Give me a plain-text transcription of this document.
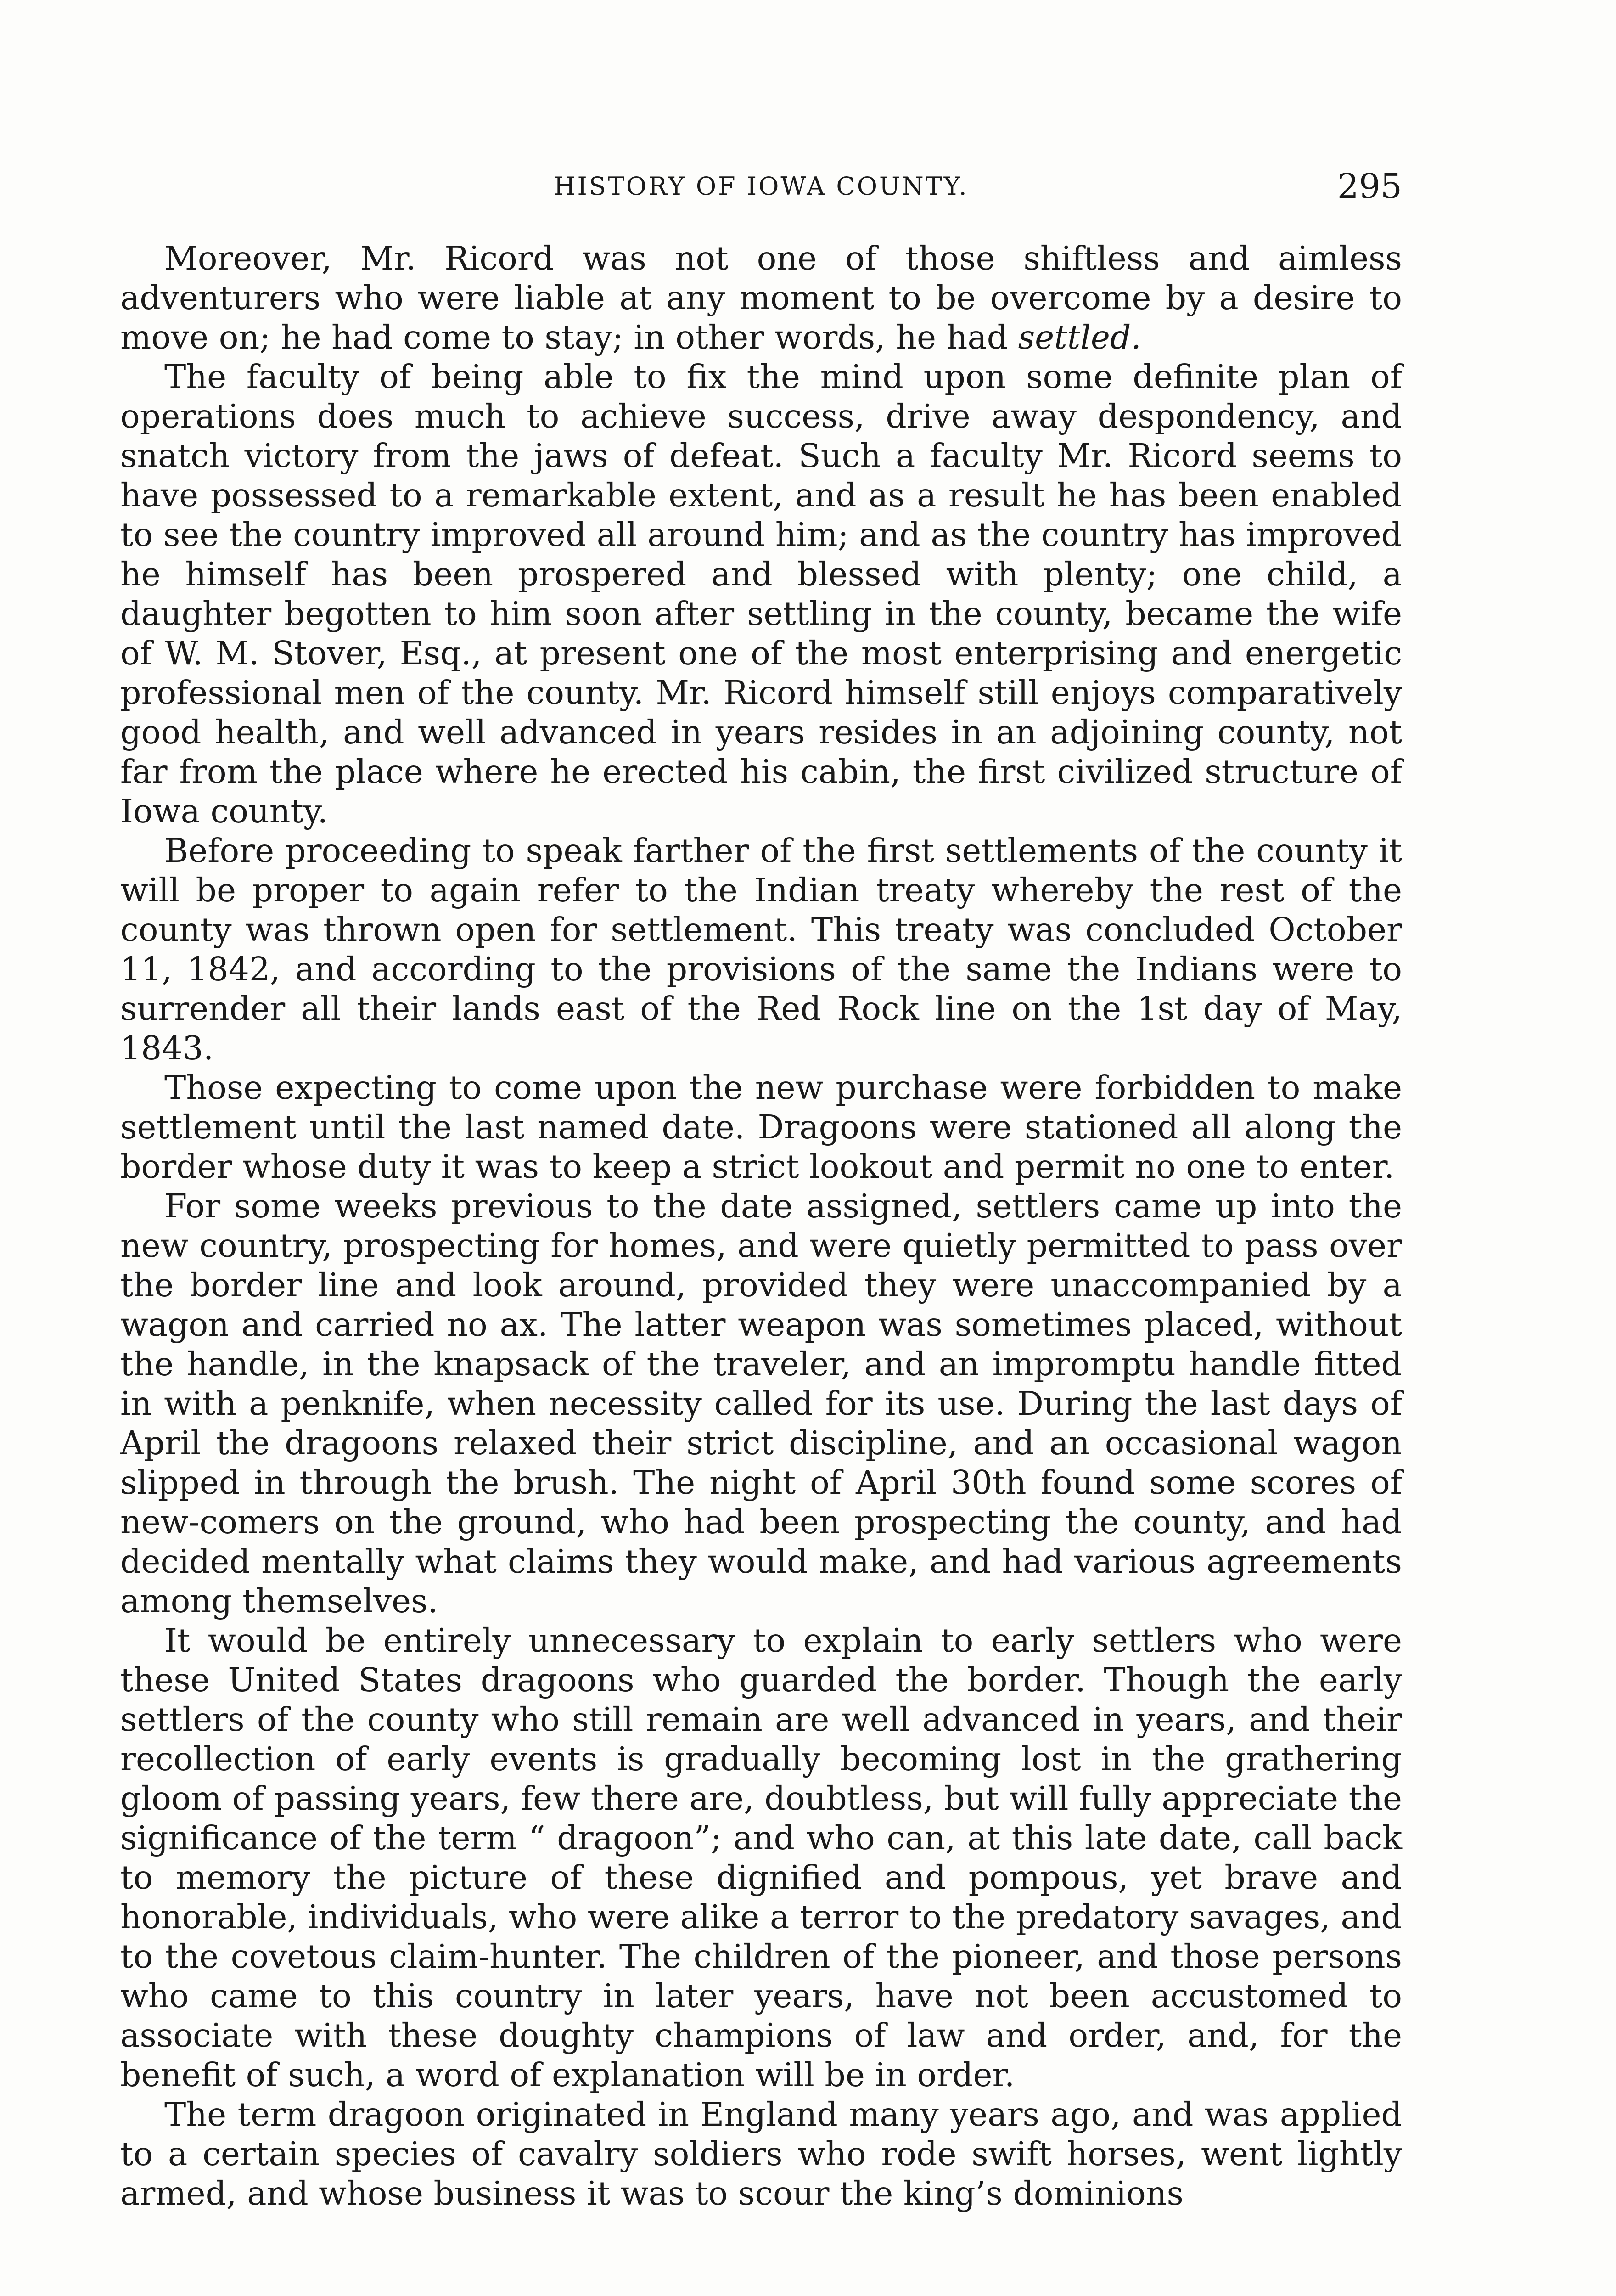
HISTORY OF IOWA COUNTY.	295

Moreover, Mr. Ricord was not one of those shiftless and aimless adventurers who were liable at any moment to be overcome by a desire to move on; he had come to stay; in other words, he had settled.

The faculty of being able to fix the mind upon some definite plan of operations does much to achieve success, drive away despondency, and snatch victory from the jaws of defeat. Such a faculty Mr. Ricord seems to have possessed to a remarkable extent, and as a result he has been enabled to see the country improved all around him; and as the country has improved he himself has been prospered and blessed with plenty; one child, a daughter begotten to him soon after settling in the county, became the wife of W. M. Stover, Esq., at present one of the most enterprising and energetic professional men of the county. Mr. Ricord himself still enjoys comparatively good health, and well advanced in years resides in an adjoining county, not far from the place where he erected his cabin, the first civilized structure of Iowa county.

Before proceeding to speak farther of the first settlements of the county it will be proper to again refer to the Indian treaty whereby the rest of the county was thrown open for settlement. This treaty was concluded October 11, 1842, and according to the provisions of the same the Indians were to surrender all their lands east of the Red Rock line on the 1st day of May, 1843.

Those expecting to come upon the new purchase were forbidden to make settlement until the last named date. Dragoons were stationed all along the border whose duty it was to keep a strict lookout and permit no one to enter.

For some weeks previous to the date assigned, settlers came up into the new country, prospecting for homes, and were quietly permitted to pass over the border line and look around, provided they were unaccompanied by a wagon and carried no ax. The latter weapon was sometimes placed, without the handle, in the knapsack of the traveler, and an impromptu handle fitted in with a penknife, when necessity called for its use. During the last days of April the dragoons relaxed their strict discipline, and an occasional wagon slipped in through the brush. The night of April 30th found some scores of new-comers on the ground, who had been prospecting the county, and had decided mentally what claims they would make, and had various agreements among themselves.

It would be entirely unnecessary to explain to early settlers who were these United States dragoons who guarded the border. Though the early settlers of the county who still remain are well advanced in years, and their recollection of early events is gradually becoming lost in the grathering gloom of passing years, few there are, doubtless, but will fully appreciate the significance of the term “ dragoon”; and who can, at this late date, call back to memory the picture of these dignified and pompous, yet brave and honorable, individuals, who were alike a terror to the predatory savages, and to the covetous claim-hunter. The children of the pioneer, and those persons who came to this country in later years, have not been accustomed to associate with these doughty champions of law and order, and, for the benefit of such, a word of explanation will be in order.

The term dragoon originated in England many years ago, and was applied to a certain species of cavalry soldiers who rode swift horses, went lightly armed, and whose business it was to scour the king’s dominions
